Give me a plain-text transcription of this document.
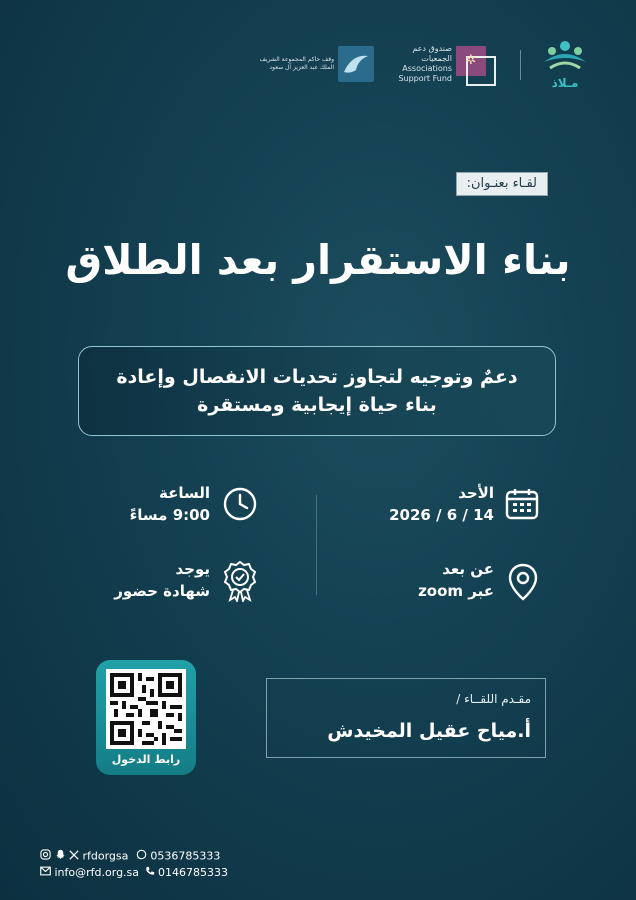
مـلاذ
✲
صندوق دعم الجمعيات
Associations
Support Fund
وقف حاكم المجموعة الشريف
الملك عبد العزيز آل سعود
لقـاء بعنـوان:
بناء الاستقرار بعد الطلاق
دعمٌ وتوجيه لتجاوز تحديات الانفصال وإعادة
بناء حياة إيجابية ومستقرة
الأحد
2026 / 6 / 14
الساعة
9:00 مساءً
عن بعد
عبر zoom
يوجد
شهادة حضور
رابط الدخول
مقـدم اللقــاء /
أ.مياح عقيل المخيدش
rfdorgsa 0536785333
info@rfd.org.sa 0146785333
